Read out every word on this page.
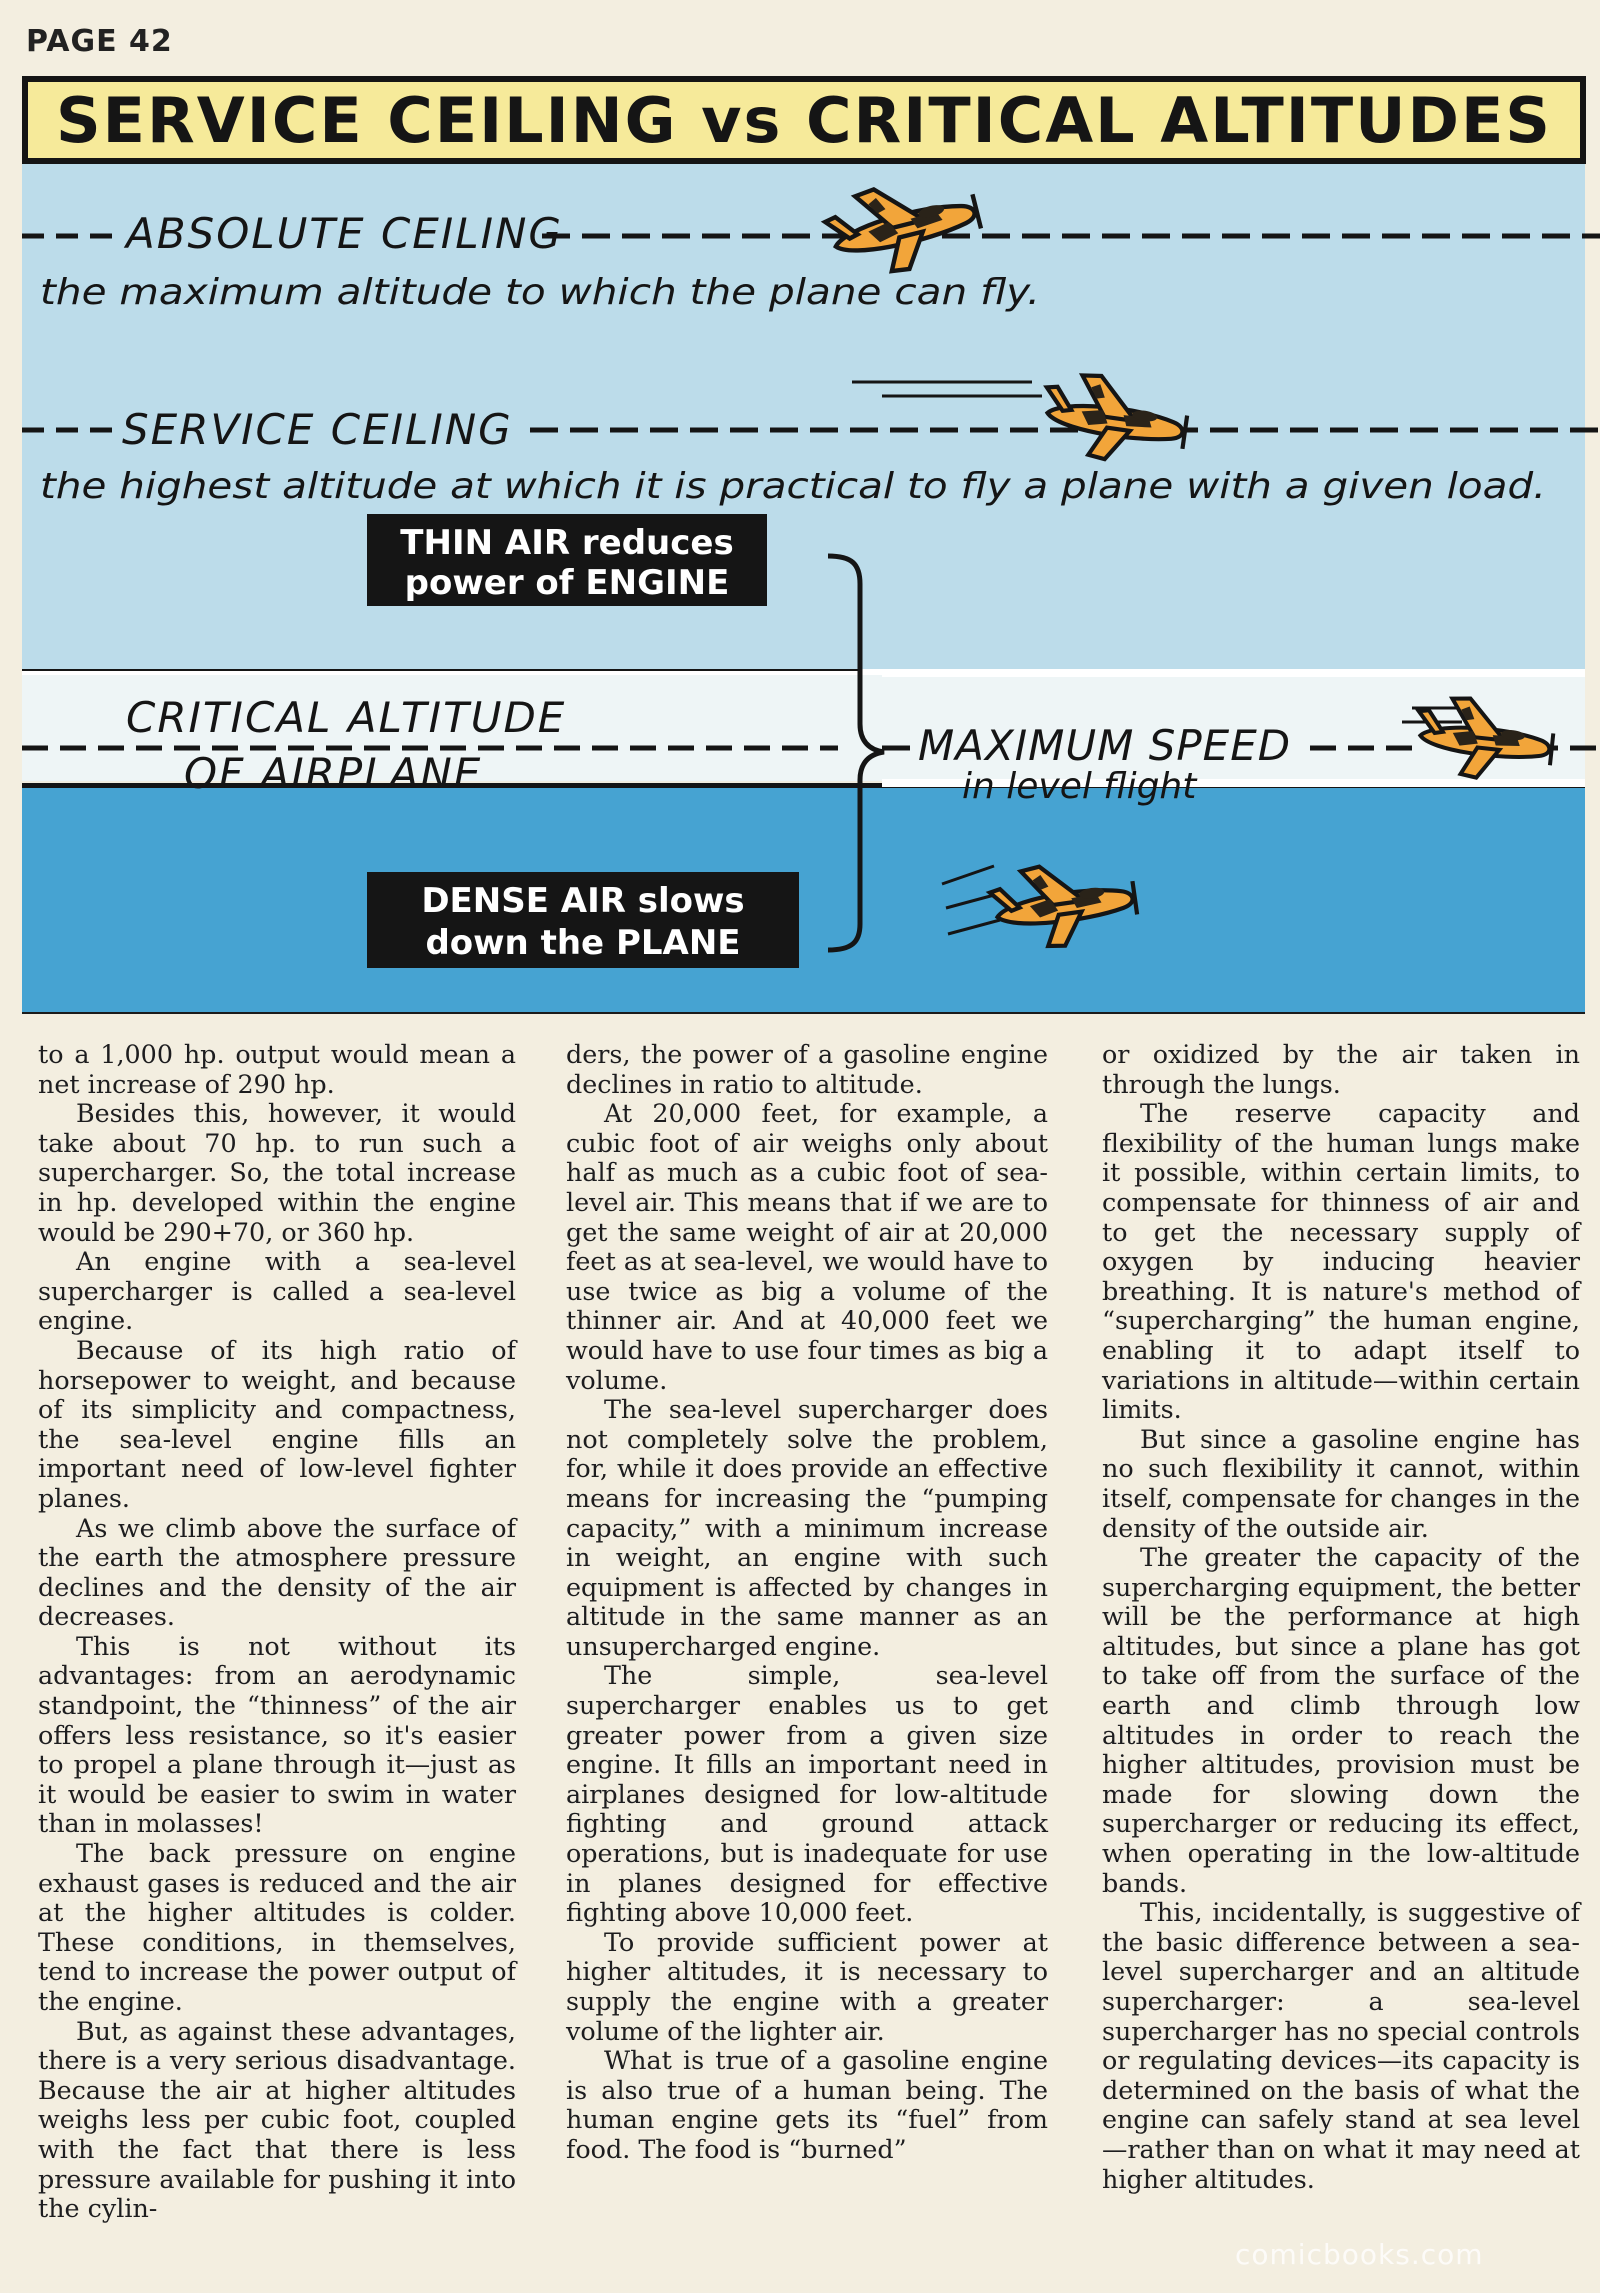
PAGE 42
SERVICE CEILING vs CRITICAL ALTITUDES
ABSOLUTE CEILING
the maximum altitude to which the plane can fly.
SERVICE CEILING
the highest altitude at which it is practical to fly a plane with a given load.
THIN AIR reduces
power of ENGINE
CRITICAL ALTITUDE
OF AIRPLANE
MAXIMUM SPEED
in level flight
DENSE AIR slows
down the PLANE

to a 1,000 hp. output would mean a net increase of 290 hp.

Besides this, however, it would take about 70 hp. to run such a supercharger. So, the total increase in hp. developed within the engine would be 290+70, or 360 hp.

An engine with a sea-level supercharger is called a sea-level engine.

Because of its high ratio of horsepower to weight, and because of its simplicity and compactness, the sea-level engine fills an important need of low-level fighter planes.

As we climb above the surface of the earth the atmosphere pressure declines and the density of the air decreases.

This is not without its advantages: from an aerodynamic standpoint, the “thinness” of the air offers less resistance, so it's easier to propel a plane through it—just as it would be easier to swim in water than in molasses!

The back pressure on engine exhaust gases is reduced and the air at the higher altitudes is colder. These conditions, in themselves, tend to increase the power output of the engine.

But, as against these advantages, there is a very serious disadvantage. Because the air at higher altitudes weighs less per cubic foot, coupled with the fact that there is less pressure available for pushing it into the cylin-

ders, the power of a gasoline engine declines in ratio to altitude.

At 20,000 feet, for example, a cubic foot of air weighs only about half as much as a cubic foot of sea-level air. This means that if we are to get the same weight of air at 20,000 feet as at sea-level, we would have to use twice as big a volume of the thinner air. And at 40,000 feet we would have to use four times as big a volume.

The sea-level supercharger does not completely solve the problem, for, while it does provide an effective means for increasing the “pumping capacity,” with a minimum increase in weight, an engine with such equipment is affected by changes in altitude in the same manner as an unsupercharged engine.

The simple, sea-level supercharger enables us to get greater power from a given size engine. It fills an important need in airplanes designed for low-altitude fighting and ground attack operations, but is inadequate for use in planes designed for effective fighting above 10,000 feet.

To provide sufficient power at higher altitudes, it is necessary to supply the engine with a greater volume of the lighter air.

What is true of a gasoline engine is also true of a human being. The human engine gets its “fuel” from food. The food is “burned”

or oxidized by the air taken in through the lungs.

The reserve capacity and flexibility of the human lungs make it possible, within certain limits, to compensate for thinness of air and to get the necessary supply of oxygen by inducing heavier breathing. It is nature's method of “supercharging” the human engine, enabling it to adapt itself to variations in altitude—within certain limits.

But since a gasoline engine has no such flexibility it cannot, within itself, compensate for changes in the density of the outside air.

The greater the capacity of the supercharging equipment, the better will be the performance at high altitudes, but since a plane has got to take off from the surface of the earth and climb through low altitudes in order to reach the higher altitudes, provision must be made for slowing down the supercharger or reducing its effect, when operating in the low-altitude bands.

This, incidentally, is suggestive of the basic difference between a sea-level supercharger and an altitude supercharger: a sea-level supercharger has no special controls or regulating devices—its capacity is determined on the basis of what the engine can safely stand at sea level—rather than on what it may need at higher altitudes.

comicbooks.com
